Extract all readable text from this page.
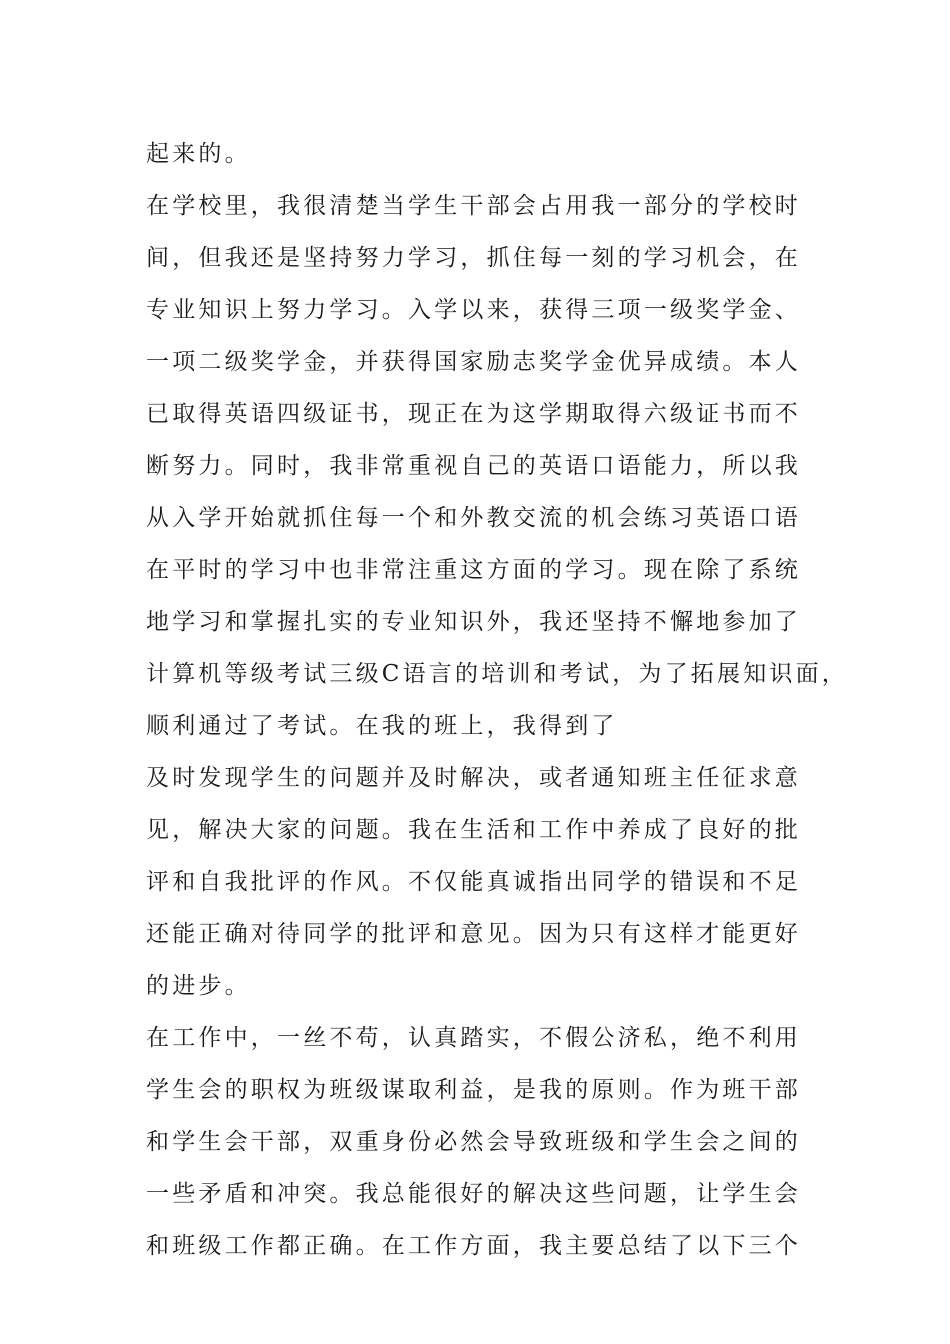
起来的。
在学校里，我很清楚当学生干部会占用我一部分的学校时
间，但我还是坚持努力学习，抓住每一刻的学习机会，在
专业知识上努力学习。入学以来，获得三项一级奖学金、
一项二级奖学金，并获得国家励志奖学金优异成绩。本人
已取得英语四级证书，现正在为这学期取得六级证书而不
断努力。同时，我非常重视自己的英语口语能力，所以我
从入学开始就抓住每一个和外教交流的机会练习英语口语
在平时的学习中也非常注重这方面的学习。现在除了系统
地学习和掌握扎实的专业知识外，我还坚持不懈地参加了
计算机等级考试三级C语言的培训和考试，为了拓展知识面，
顺利通过了考试。在我的班上，我得到了
及时发现学生的问题并及时解决，或者通知班主任征求意
见，解决大家的问题。我在生活和工作中养成了良好的批
评和自我批评的作风。不仅能真诚指出同学的错误和不足
还能正确对待同学的批评和意见。因为只有这样才能更好
的进步。
在工作中，一丝不苟，认真踏实，不假公济私，绝不利用
学生会的职权为班级谋取利益，是我的原则。作为班干部
和学生会干部，双重身份必然会导致班级和学生会之间的
一些矛盾和冲突。我总能很好的解决这些问题，让学生会
和班级工作都正确。在工作方面，我主要总结了以下三个
